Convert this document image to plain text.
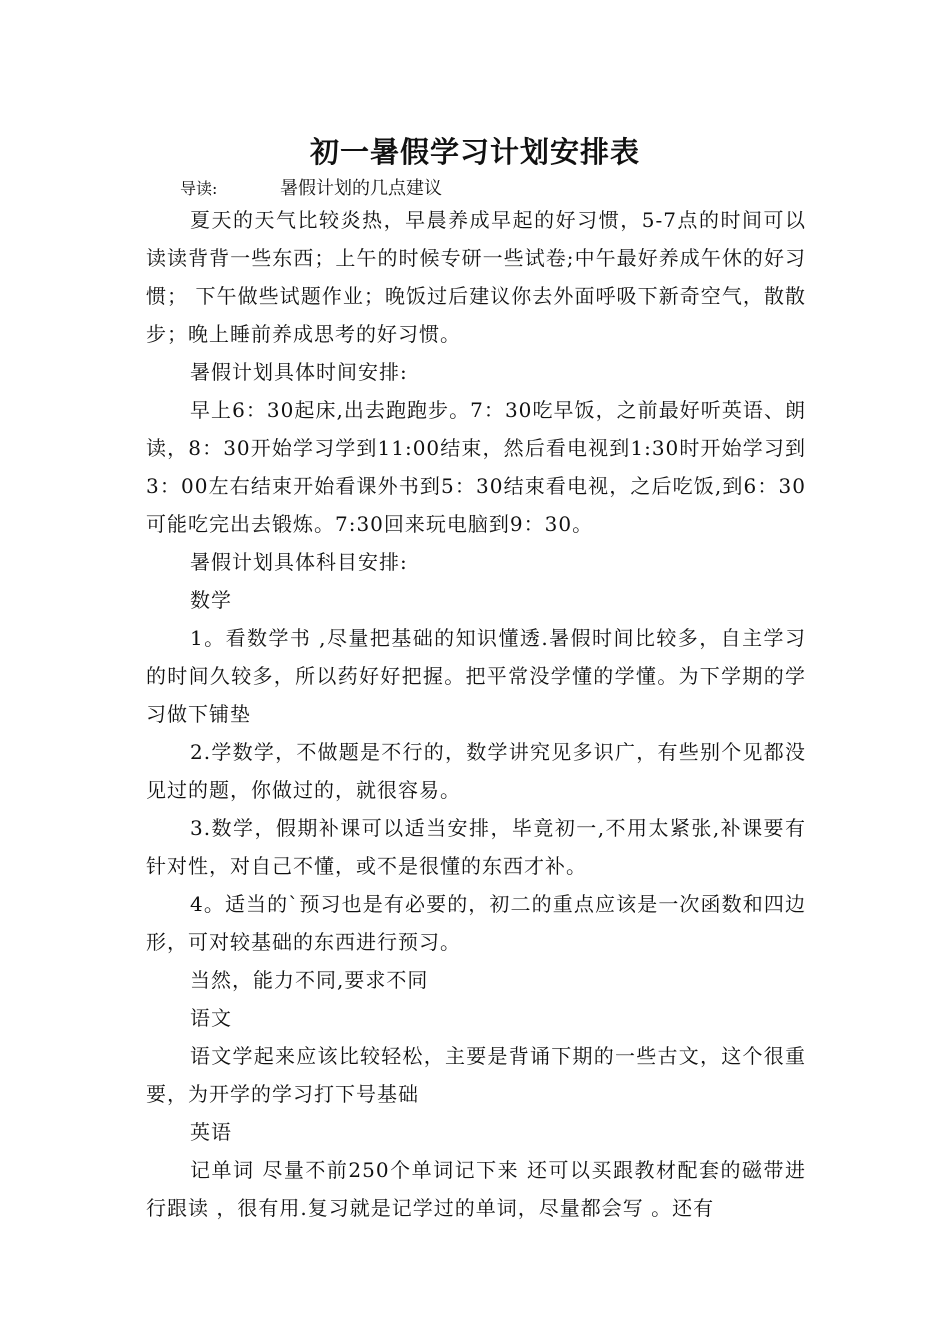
初一暑假学习计划安排表
导读:	暑假计划的几点建议

夏天的天气比较炎热，早晨养成早起的好习惯，5-7点的时间可以读读背背一些东西；上午的时候专研一些试卷;中午最好养成午休的好习惯； 下午做些试题作业；晚饭过后建议你去外面呼吸下新奇空气，散散步；晚上睡前养成思考的好习惯。

暑假计划具体时间安排:

早上6：30起床,出去跑跑步。7：30吃早饭，之前最好听英语、朗读，8：30开始学习学到11:00结束，然后看电视到1:30时开始学习到3：00左右结束开始看课外书到5：30结束看电视，之后吃饭,到6：30可能吃完出去锻炼。7:30回来玩电脑到9：30。

暑假计划具体科目安排:

数学

1。看数学书 ,尽量把基础的知识懂透.暑假时间比较多，自主学习的时间久较多，所以药好好把握。把平常没学懂的学懂。为下学期的学习做下铺垫

2.学数学，不做题是不行的，数学讲究见多识广，有些别个见都没见过的题，你做过的，就很容易。

3.数学，假期补课可以适当安排，毕竟初一,不用太紧张,补课要有针对性，对自己不懂，或不是很懂的东西才补。

4。适当的`预习也是有必要的，初二的重点应该是一次函数和四边形，可对较基础的东西进行预习。

当然，能力不同,要求不同

语文

语文学起来应该比较轻松，主要是背诵下期的一些古文，这个很重要，为开学的学习打下号基础

英语

记单词 尽量不前250个单词记下来 还可以买跟教材配套的磁带进行跟读 ，很有用.复习就是记学过的单词，尽量都会写 。还有
